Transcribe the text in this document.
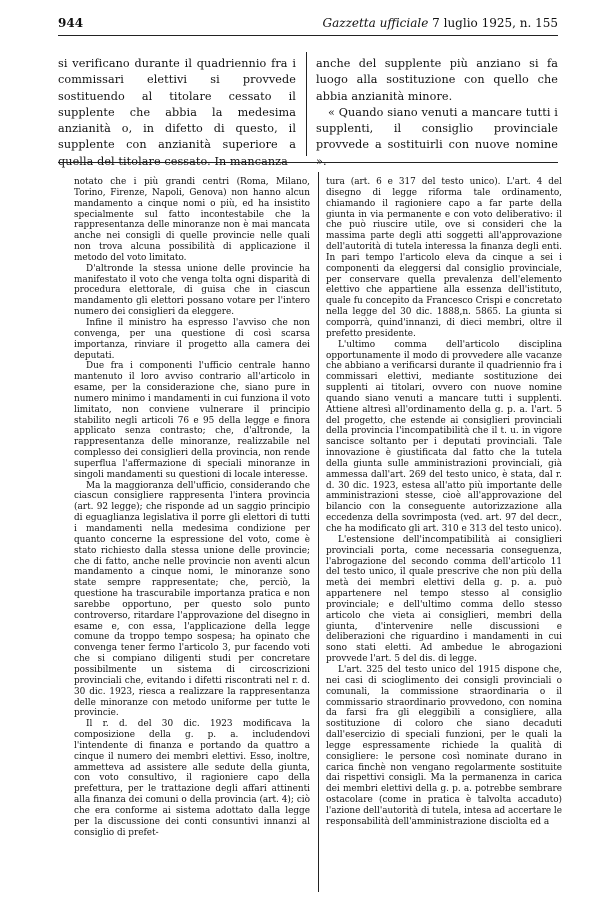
944	Gazzetta ufficiale 7 luglio 1925, n. 155

si verificano durante il quadriennio fra i commissari elettivi si provvede sostituendo al titolare cessato il supplente che abbia la medesima anzianità o, in difetto di questo, il supplente con anzianità superiore a quella del titolare cessato. In mancanza

anche del supplente più anziano si fa luogo alla sostituzione con quello che abbia anzianità minore.

« Quando siano venuti a mancare tutti i supplenti, il consiglio provinciale provvede a sostituirli con nuove nomine ».

notato che i più grandi centri (Roma, Milano, Torino, Firenze, Napoli, Genova) non hanno alcun mandamento a cinque nomi o più, ed ha insistito specialmente sul fatto incontestabile che la rappresentanza delle minoranze non è mai mancata anche nei consigli di quelle provincie nelle quali non trova alcuna possibilità di applicazione il metodo del voto limitato.

D'altronde la stessa unione delle provincie ha manifestato il voto che venga tolta ogni disparità di procedura elettorale, di guisa che in ciascun mandamento gli elettori possano votare per l'intero numero dei consiglieri da eleggere.

Infine il ministro ha espresso l'avviso che non convenga, per una questione di così scarsa importanza, rinviare il progetto alla camera dei deputati.

Due fra i componenti l'ufficio centrale hanno mantenuto il loro avviso contrario all'articolo in esame, per la considerazione che, siano pure in numero minimo i mandamenti in cui funziona il voto limitato, non conviene vulnerare il principio stabilito negli articoli 76 e 95 della legge e finora applicato senza contrasto; che, d'altronde, la rappresentanza delle minoranze, realizzabile nel complesso dei consiglieri della provincia, non rende superflua l'affermazione di speciali minoranze in singoli mandamenti su questioni di locale interesse.

Ma la maggioranza dell'ufficio, considerando che ciascun consigliere rappresenta l'intera provincia (art. 92 legge); che risponde ad un saggio principio di eguaglianza legislativa il porre gli elettori di tutti i mandamenti nella medesima condizione per quanto concerne la espressione del voto, come è stato richiesto dalla stessa unione delle provincie; che di fatto, anche nelle provincie non aventi alcun mandamento a cinque nomi, le minoranze sono state sempre rappresentate; che, perciò, la questione ha trascurabile importanza pratica e non sarebbe opportuno, per questo solo punto controverso, ritardare l'approvazione del disegno in esame e, con essa, l'applicazione della legge comune da troppo tempo sospesa; ha opinato che convenga tener fermo l'articolo 3, pur facendo voti che si compiano diligenti studi per concretare possibilmente un sistema di circoscrizioni provinciali che, evitando i difetti riscontrati nel r. d. 30 dic. 1923, riesca a realizzare la rappresentanza delle minoranze con metodo uniforme per tutte le provincie.

Il r. d. del 30 dic. 1923 modificava la composizione della g. p. a. includendovi l'intendente di finanza e portando da quattro a cinque il numero dei membri elettivi. Esso, inoltre, ammetteva ad assistere alle sedute della giunta, con voto consultivo, il ragioniere capo della prefettura, per le trattazione degli affari attinenti alla finanza dei comuni o della provincia (art. 4); ciò che era conforme ai sistema adottato dalla legge per la discussione dei conti consuntivi innanzi al consiglio di prefet-

tura (art. 6 e 317 del testo unico). L'art. 4 del disegno di legge riforma tale ordinamento, chiamando il ragioniere capo a far parte della giunta in via permanente e con voto deliberativo: il che può riuscire utile, ove si consideri che la massima parte degli atti soggetti all'approvazione dell'autorità di tutela interessa la finanza degli enti. In pari tempo l'articolo eleva da cinque a sei i componenti da eleggersi dal consiglio provinciale, per conservare quella prevalenza dell'elemento elettivo che appartiene alla essenza dell'istituto, quale fu concepito da Francesco Crispi e concretato nella legge del 30 dic. 1888,n. 5865. La giunta si comporrà, quind'innanzi, di dieci membri, oltre il prefetto presidente.

L'ultimo comma dell'articolo disciplina opportunamente il modo di provvedere alle vacanze che abbiano a verificarsi durante il quadriennio fra i commissari elettivi, mediante sostituzione dei supplenti ai titolari, ovvero con nuove nomine quando siano venuti a mancare tutti i supplenti. Attiene altresì all'ordinamento della g. p. a. l'art. 5 del progetto, che estende ai consiglieri provinciali della provincia l'incompatibilità che il t. u. in vigore sancisce soltanto per i deputati provinciali. Tale innovazione è giustificata dal fatto che la tutela della giunta sulle amministrazioni provinciali, già ammessa dall'art. 269 del testo unico, è stata, dal r. d. 30 dic. 1923, estesa all'atto più importante delle amministrazioni stesse, cioè all'approvazione del bilancio con la conseguente autorizzazione alla eccedenza della sovrimposta (ved. art. 97 del decr., che ha modificato gli art. 310 e 313 del testo unico).

L'estensione dell'incompatibilità ai consiglieri provinciali porta, come necessaria conseguenza, l'abrogazione del secondo comma dell'articolo 11 del testo unico, il quale prescrive che non più della metà dei membri elettivi della g. p. a. può appartenere nel tempo stesso al consiglio provinciale; e dell'ultimo comma dello stesso articolo che vieta ai consiglieri, membri della giunta, d'intervenire nelle discussioni e deliberazioni che riguardino i mandamenti in cui sono stati eletti. Ad ambedue le abrogazioni provvede l'art. 5 del dis. di legge.

L'art. 325 del testo unico del 1915 dispone che, nei casi di scioglimento dei consigli provinciali o comunali, la commissione straordinaria o il commissario straordinario provvedono, con nomina da farsi fra gli eleggibili a consigliere, alla sostituzione di coloro che siano decaduti dall'esercizio di speciali funzioni, per le quali la legge espressamente richiede la qualità di consigliere: le persone così nominate durano in carica finchè non vengano regolarmente sostituite dai rispettivi consigli. Ma la permanenza in carica dei membri elettivi della g. p. a. potrebbe sembrare ostacolare (come in pratica è talvolta accaduto) l'azione dell'autorità di tutela, intesa ad accertare le responsabilità dell'amministrazione disciolta ed a
